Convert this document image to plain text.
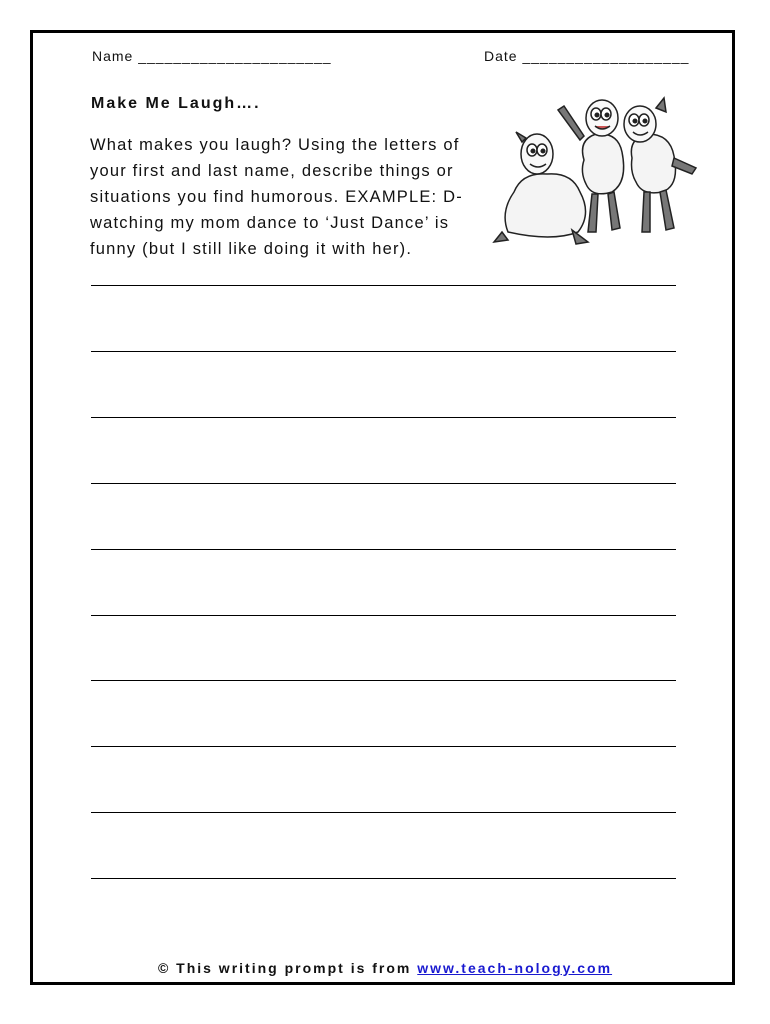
Name ______________________	Date ___________________
Make Me Laugh….

What makes you laugh? Using the letters of your first and last name, describe things or situations you find humorous. EXAMPLE: D-watching my mom dance to ‘Just Dance’ is funny (but I still like doing it with her).

© This writing prompt is from www.teach-nology.com
